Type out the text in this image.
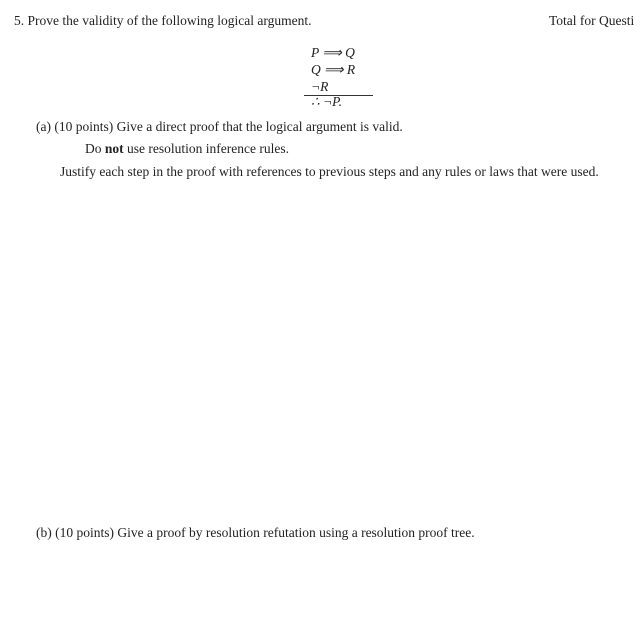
5. Prove the validity of the following logical argument.	Total for Questi
P ⟹ Q
Q ⟹ R
¬R
∴ ¬P.
(a) (10 points) Give a direct proof that the logical argument is valid.
Do not use resolution inference rules.
Justify each step in the proof with references to previous steps and any rules or laws that were used.
(b) (10 points) Give a proof by resolution refutation using a resolution proof tree.
